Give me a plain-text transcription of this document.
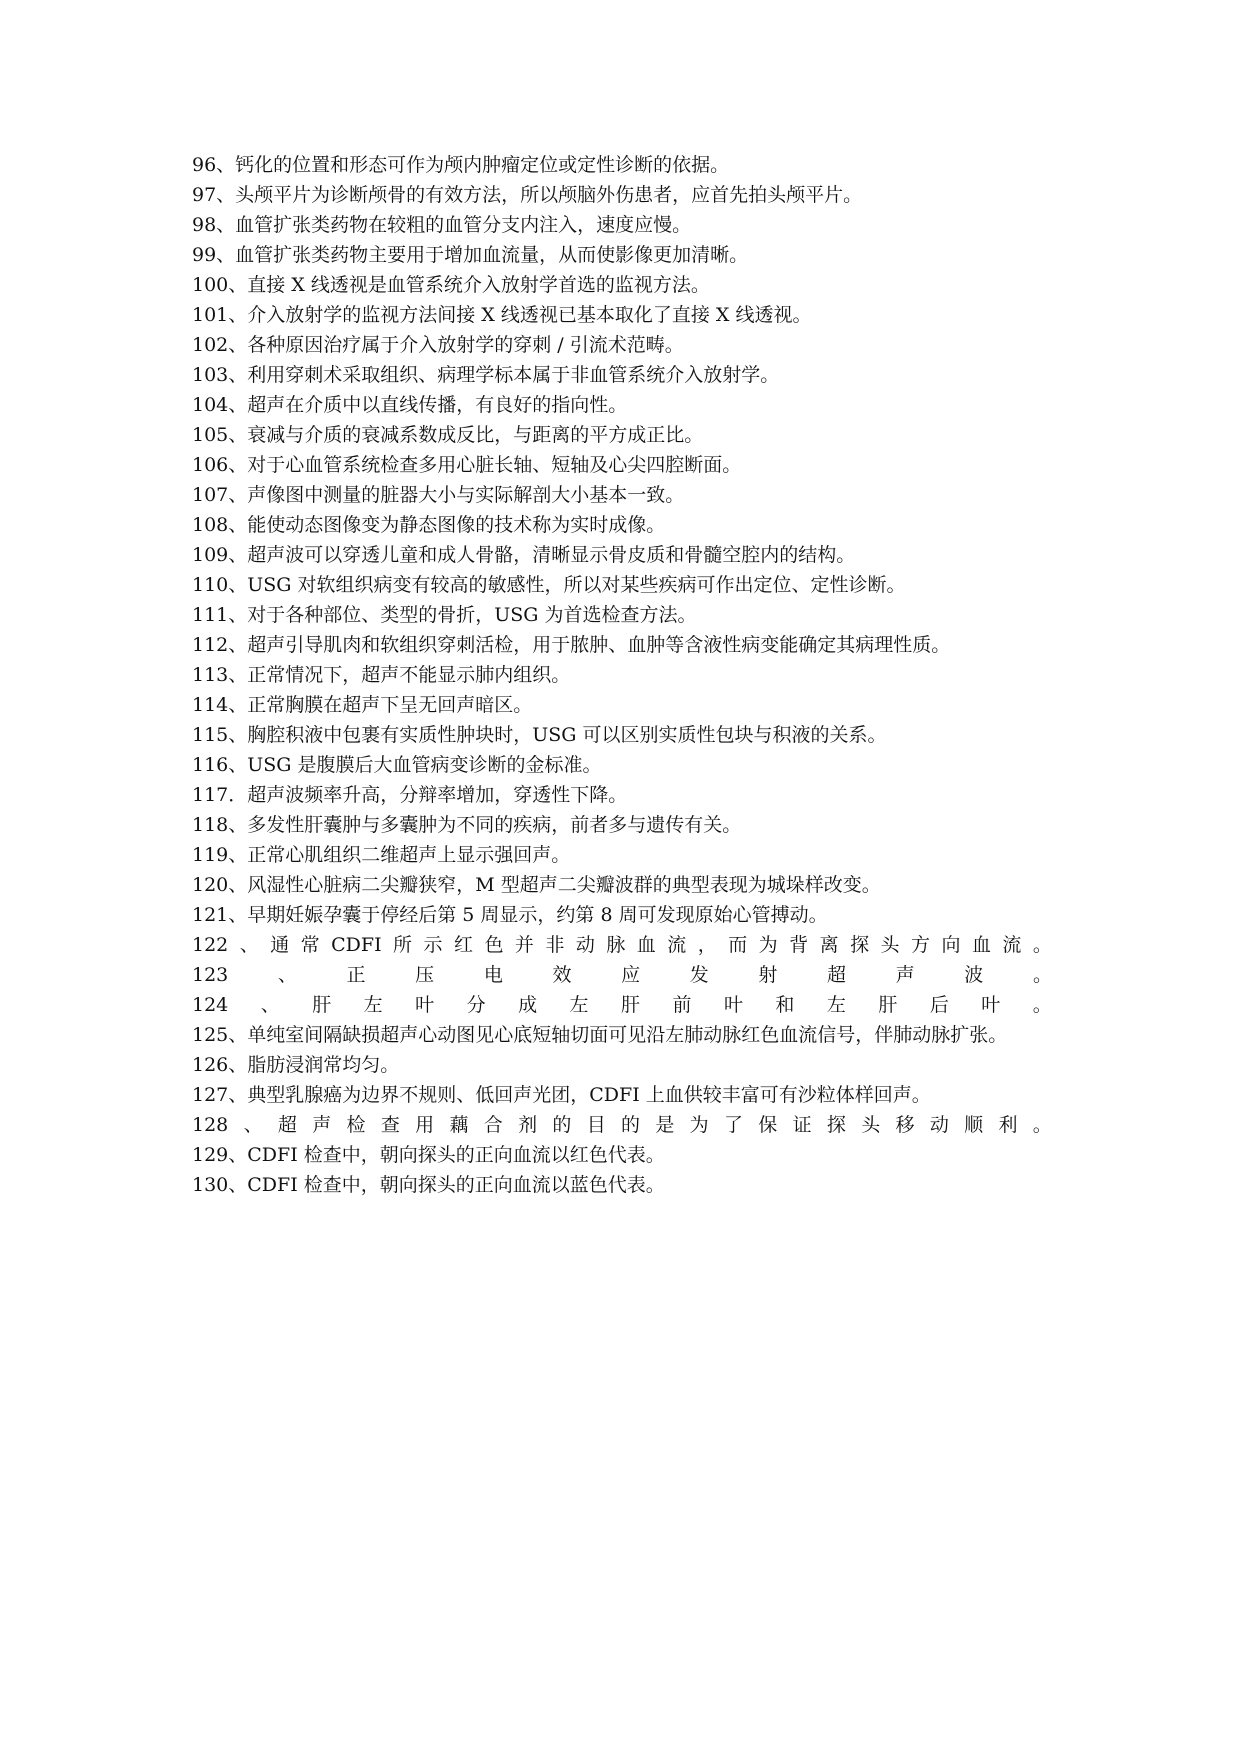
96、钙化的位置和形态可作为颅内肿瘤定位或定性诊断的依据。
97、头颅平片为诊断颅骨的有效方法，所以颅脑外伤患者，应首先拍头颅平片。
98、血管扩张类药物在较粗的血管分支内注入，速度应慢。
99、血管扩张类药物主要用于增加血流量，从而使影像更加清晰。
100、直接 X 线透视是血管系统介入放射学首选的监视方法。
101、介入放射学的监视方法间接 X 线透视已基本取化了直接 X 线透视。
102、各种原因治疗属于介入放射学的穿刺 / 引流术范畴。
103、利用穿刺术采取组织、病理学标本属于非血管系统介入放射学。
104、超声在介质中以直线传播，有良好的指向性。
105、衰减与介质的衰减系数成反比，与距离的平方成正比。
106、对于心血管系统检查多用心脏长轴、短轴及心尖四腔断面。
107、声像图中测量的脏器大小与实际解剖大小基本一致。
108、能使动态图像变为静态图像的技术称为实时成像。
109、超声波可以穿透儿童和成人骨骼，清晰显示骨皮质和骨髓空腔内的结构。
110、USG 对软组织病变有较高的敏感性，所以对某些疾病可作出定位、定性诊断。
111、对于各种部位、类型的骨折，USG 为首选检查方法。
112、超声引导肌肉和软组织穿刺活检，用于脓肿、血肿等含液性病变能确定其病理性质。
113、正常情况下，超声不能显示肺内组织。
114、正常胸膜在超声下呈无回声暗区。
115、胸腔积液中包裹有实质性肿块时，USG 可以区别实质性包块与积液的关系。
116、USG 是腹膜后大血管病变诊断的金标准。
117．超声波频率升高，分辩率增加，穿透性下降。
118、多发性肝囊肿与多囊肿为不同的疾病，前者多与遗传有关。
119、正常心肌组织二维超声上显示强回声。
120、风湿性心脏病二尖瓣狭窄，M 型超声二尖瓣波群的典型表现为城垛样改变。
121、早期妊娠孕囊于停经后第 5 周显示，约第 8 周可发现原始心管搏动。
122 、 通 常 CDFI 所 示 红 色 并 非 动 脉 血 流 ， 而 为 背 离 探 头 方 向 血 流 。
123	、	正	压	电	效	应	发	射	超	声	波	。
124 、 肝 左 叶 分 成 左 肝 前 叶 和 左 肝 后 叶 。
125、单纯室间隔缺损超声心动图见心底短轴切面可见沿左肺动脉红色血流信号，伴肺动脉扩张。
126、脂肪浸润常均匀。
127、典型乳腺癌为边界不规则、低回声光团，CDFI 上血供较丰富可有沙粒体样回声。
128 、 超 声 检 查 用 藕 合 剂 的 目 的 是 为 了 保 证 探 头 移 动 顺 利 。
129、CDFI 检查中，朝向探头的正向血流以红色代表。
130、CDFI 检查中，朝向探头的正向血流以蓝色代表。
